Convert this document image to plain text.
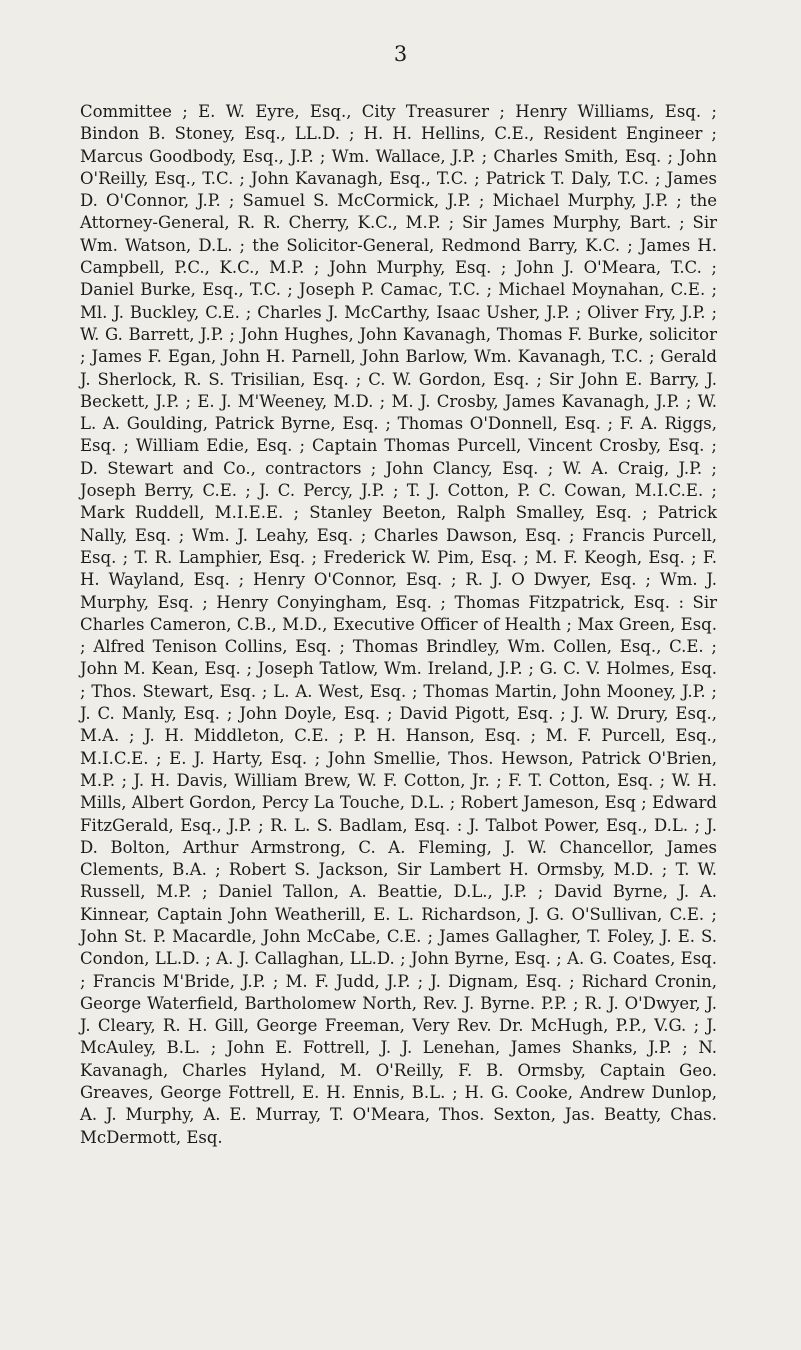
3

Committee ; E. W. Eyre, Esq., City Treasurer ; Henry Williams, Esq. ; Bindon B. Stoney, Esq., LL.D. ; H. H. Hellins, C.E., Resident Engineer ; Marcus Goodbody, Esq., J.P. ; Wm. Wallace, J.P. ; Charles Smith, Esq. ; John O'Reilly, Esq., T.C. ; John Kavanagh, Esq., T.C. ; Patrick T. Daly, T.C. ; James D. O'Connor, J.P. ; Samuel S. McCormick, J.P. ; Michael Murphy, J.P. ; the Attorney-General, R. R. Cherry, K.C., M.P. ; Sir James Murphy, Bart. ; Sir Wm. Watson, D.L. ; the Solicitor-General, Redmond Barry, K.C. ; James H. Campbell, P.C., K.C., M.P. ; John Murphy, Esq. ; John J. O'Meara, T.C. ; Daniel Burke, Esq., T.C. ; Joseph P. Camac, T.C. ; Michael Moynahan, C.E. ; Ml. J. Buckley, C.E. ; Charles J. McCarthy, Isaac Usher, J.P. ; Oliver Fry, J.P. ; W. G. Barrett, J.P. ; John Hughes, John Kavanagh, Thomas F. Burke, solicitor ; James F. Egan, John H. Parnell, John Barlow, Wm. Kavanagh, T.C. ; Gerald J. Sherlock, R. S. Trisilian, Esq. ; C. W. Gordon, Esq. ; Sir John E. Barry, J. Beckett, J.P. ; E. J. M'Weeney, M.D. ; M. J. Crosby, James Kavanagh, J.P. ; W. L. A. Goulding, Patrick Byrne, Esq. ; Thomas O'Donnell, Esq. ; F. A. Riggs, Esq. ; William Edie, Esq. ; Captain Thomas Purcell, Vincent Crosby, Esq. ; D. Stewart and Co., contractors ; John Clancy, Esq. ; W. A. Craig, J.P. ; Joseph Berry, C.E. ; J. C. Percy, J.P. ; T. J. Cotton, P. C. Cowan, M.I.C.E. ; Mark Ruddell, M.I.E.E. ; Stanley Beeton, Ralph Smalley, Esq. ; Patrick Nally, Esq. ; Wm. J. Leahy, Esq. ; Charles Dawson, Esq. ; Francis Purcell, Esq. ; T. R. Lamphier, Esq. ; Frederick W. Pim, Esq. ; M. F. Keogh, Esq. ; F. H. Wayland, Esq. ; Henry O'Connor, Esq. ; R. J. O Dwyer, Esq. ; Wm. J. Murphy, Esq. ; Henry Conyingham, Esq. ; Thomas Fitzpatrick, Esq. : Sir Charles Cameron, C.B., M.D., Executive Officer of Health ; Max Green, Esq. ; Alfred Tenison Collins, Esq. ; Thomas Brindley, Wm. Collen, Esq., C.E. ; John M. Kean, Esq. ; Joseph Tatlow, Wm. Ireland, J.P. ; G. C. V. Holmes, Esq. ; Thos. Stewart, Esq. ; L. A. West, Esq. ; Thomas Martin, John Mooney, J.P. ; J. C. Manly, Esq. ; John Doyle, Esq. ; David Pigott, Esq. ; J. W. Drury, Esq., M.A. ; J. H. Middleton, C.E. ; P. H. Hanson, Esq. ; M. F. Purcell, Esq., M.I.C.E. ; E. J. Harty, Esq. ; John Smellie, Thos. Hewson, Patrick O'Brien, M.P. ; J. H. Davis, William Brew, W. F. Cotton, Jr. ; F. T. Cotton, Esq. ; W. H. Mills, Albert Gordon, Percy La Touche, D.L. ; Robert Jameson, Esq ; Edward FitzGerald, Esq., J.P. ; R. L. S. Badlam, Esq. : J. Talbot Power, Esq., D.L. ; J. D. Bolton, Arthur Armstrong, C. A. Fleming, J. W. Chancellor, James Clements, B.A. ; Robert S. Jackson, Sir Lambert H. Ormsby, M.D. ; T. W. Russell, M.P. ; Daniel Tallon, A. Beattie, D.L., J.P. ; David Byrne, J. A. Kinnear, Captain John Weatherill, E. L. Richardson, J. G. O'Sullivan, C.E. ; John St. P. Macardle, John McCabe, C.E. ; James Gallagher, T. Foley, J. E. S. Condon, LL.D. ; A. J. Callaghan, LL.D. ; John Byrne, Esq. ; A. G. Coates, Esq. ; Francis M'Bride, J.P. ; M. F. Judd, J.P. ; J. Dignam, Esq. ; Richard Cronin, George Waterfield, Bartholomew North, Rev. J. Byrne. P.P. ; R. J. O'Dwyer, J. J. Cleary, R. H. Gill, George Freeman, Very Rev. Dr. McHugh, P.P., V.G. ; J. McAuley, B.L. ; John E. Fottrell, J. J. Lenehan, James Shanks, J.P. ; N. Kavanagh, Charles Hyland, M. O'Reilly, F. B. Ormsby, Captain Geo. Greaves, George Fottrell, E. H. Ennis, B.L. ; H. G. Cooke, Andrew Dunlop, A. J. Murphy, A. E. Murray, T. O'Meara, Thos. Sexton, Jas. Beatty, Chas. McDermott, Esq.
